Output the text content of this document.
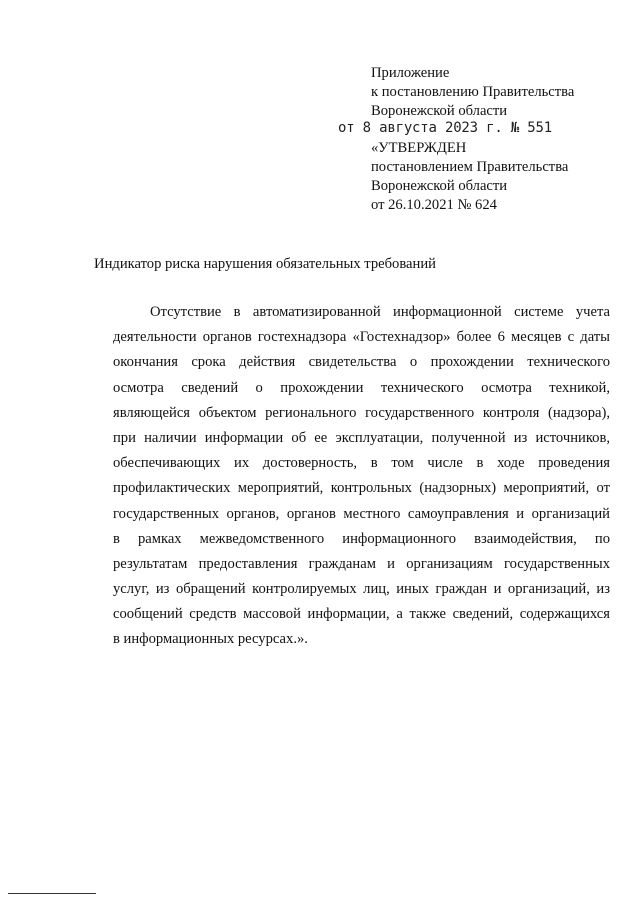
Приложение
к постановлению Правительства
Воронежской области
от 8 августа 2023 г. № 551
«УТВЕРЖДЕН
постановлением Правительства
Воронежской области
от 26.10.2021 № 624
Индикатор риска нарушения обязательных требований
Отсутствие в автоматизированной информационной системе учета
деятельности органов гостехнадзора «Гостехнадзор» более 6 месяцев с даты
окончания срока действия свидетельства о прохождении технического
осмотра сведений о прохождении технического осмотра техникой,
являющейся объектом регионального государственного контроля (надзора),
при наличии информации об ее эксплуатации, полученной из источников,
обеспечивающих их достоверность, в том числе в ходе проведения
профилактических мероприятий, контрольных (надзорных) мероприятий, от
государственных органов, органов местного самоуправления и организаций
в рамках межведомственного информационного взаимодействия, по
результатам предоставления гражданам и организациям государственных
услуг, из обращений контролируемых лиц, иных граждан и организаций, из
сообщений средств массовой информации, а также сведений, содержащихся
в информационных ресурсах.».
